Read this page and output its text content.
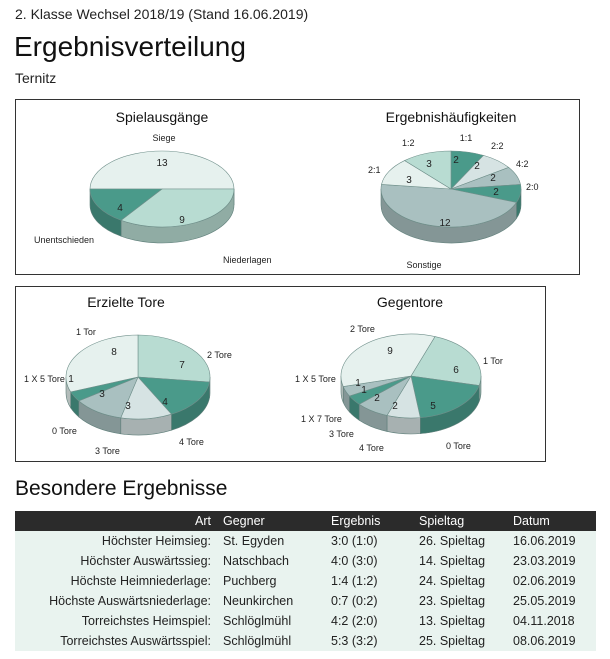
2. Klasse Wechsel 2018/19 (Stand 16.06.2019)
Ergebnisverteilung
Ternitz
Spielausgänge
Siege
13
Niederlagen
9
Unentschieden
4
Ergebnishäufigkeiten
1:1
2
2:2
2	4:2
2
2:0
2
Sonstige
12
2:1
3
1:2
3
Erzielte Tore
2 Tore
7
4 Tore
4
3 Tore
3
0 Tore
3
1 X 5 Tore 1
1 Tor
8
Gegentore
1 Tor
6
0 Tore
5
4 Tore
2
3 Tore
2
1 X 7 Tore
1
1 X 5 Tore 1
2 Tore
9
Besondere Ergebnisse
Art	Gegner	Ergebnis	Spieltag	Datum
Höchster Heimsieg:	St. Egyden	3:0 (1:0)	26. Spieltag	16.06.2019
Höchster Auswärtssieg:	Natschbach	4:0 (3:0)	14. Spieltag	23.03.2019
Höchste Heimniederlage:	Puchberg	1:4 (1:2)	24. Spieltag	02.06.2019
Höchste Auswärtsniederlage:	Neunkirchen	0:7 (0:2)	23. Spieltag	25.05.2019
Torreichstes Heimspiel:	Schlöglmühl	4:2 (2:0)	13. Spieltag	04.11.2018
Torreichstes Auswärtsspiel:	Schlöglmühl	5:3 (3:2)	25. Spieltag	08.06.2019
